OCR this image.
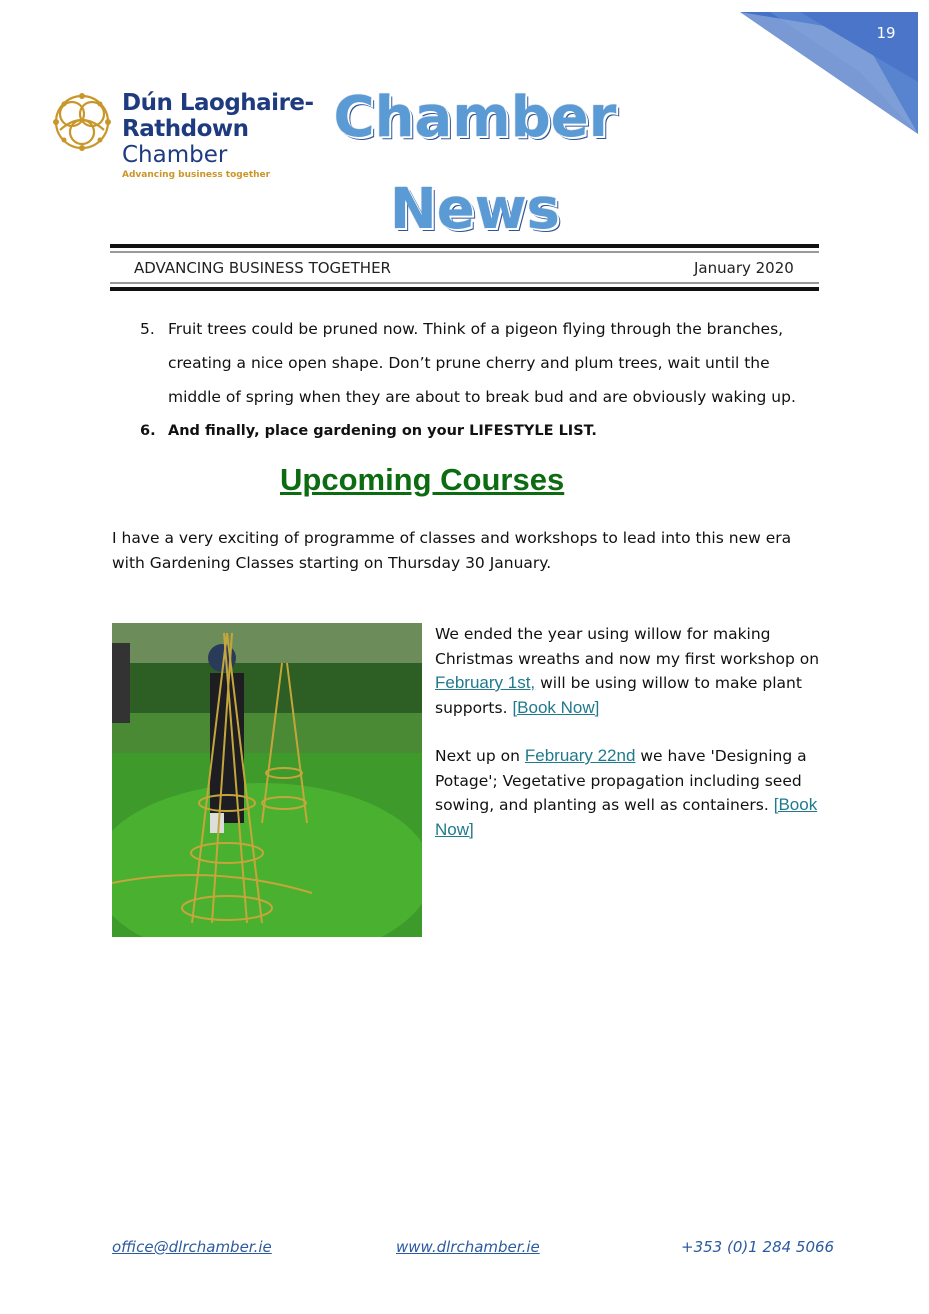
19
Dún Laoghaire-
Rathdown
Chamber
Advancing business together
Chamber
News
ADVANCING BUSINESS TOGETHER	January 2020
5. Fruit trees could be pruned now. Think of a pigeon flying through the branches, creating a nice open shape. Don’t prune cherry and plum trees, wait until the middle of spring when they are about to break bud and are obviously waking up.
6. And finally, place gardening on your LIFESTYLE LIST.
Upcoming Courses
I have a very exciting of programme of classes and workshops to lead into this new era with Gardening Classes starting on Thursday 30 January.

We ended the year using willow for making Christmas wreaths and now my first workshop on February 1st, will be using willow to make plant supports. [Book Now]

Next up on February 22nd we have 'Designing a Potage'; Vegetative propagation including seed sowing, and planting as well as containers. [Book Now]

office@dlrchamber.ie	www.dlrchamber.ie	+353 (0)1 284 5066
